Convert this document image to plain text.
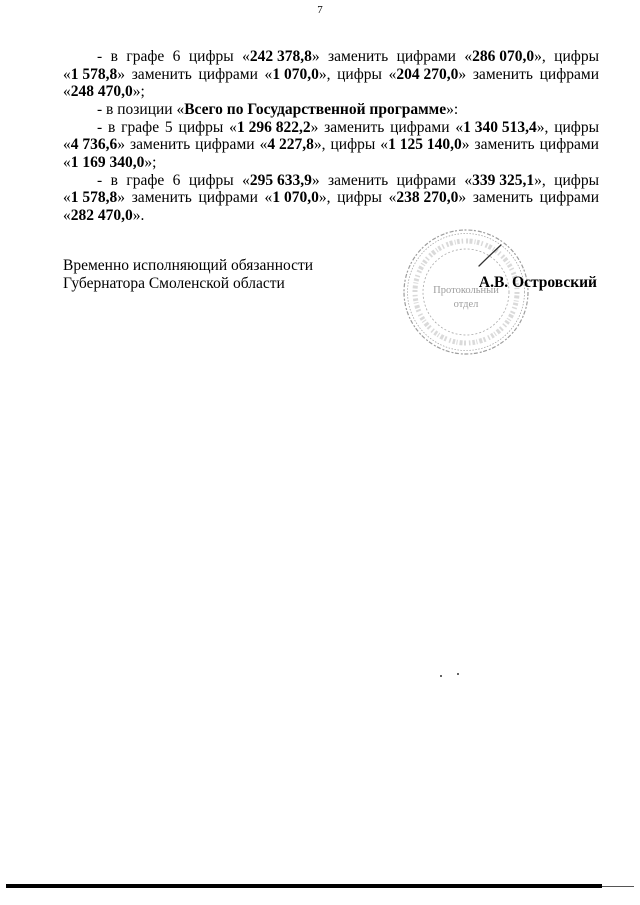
7
- в графе 6 цифры «242 378,8» заменить цифрами «286 070,0», цифры
«1 578,8» заменить цифрами «1 070,0», цифры «204 270,0» заменить цифрами
«248 470,0»;
- в позиции «Всего по Государственной программе»:
- в графе 5 цифры «1 296 822,2» заменить цифрами «1 340 513,4», цифры
«4 736,6» заменить цифрами «4 227,8», цифры «1 125 140,0» заменить цифрами
«1 169 340,0»;
- в графе 6 цифры «295 633,9» заменить цифрами «339 325,1», цифры
«1 578,8» заменить цифрами «1 070,0», цифры «238 270,0» заменить цифрами
«282 470,0».
Временно исполняющий обязанности
Губернатора Смоленской области	Протокольный
отдел
А.В. Островский
